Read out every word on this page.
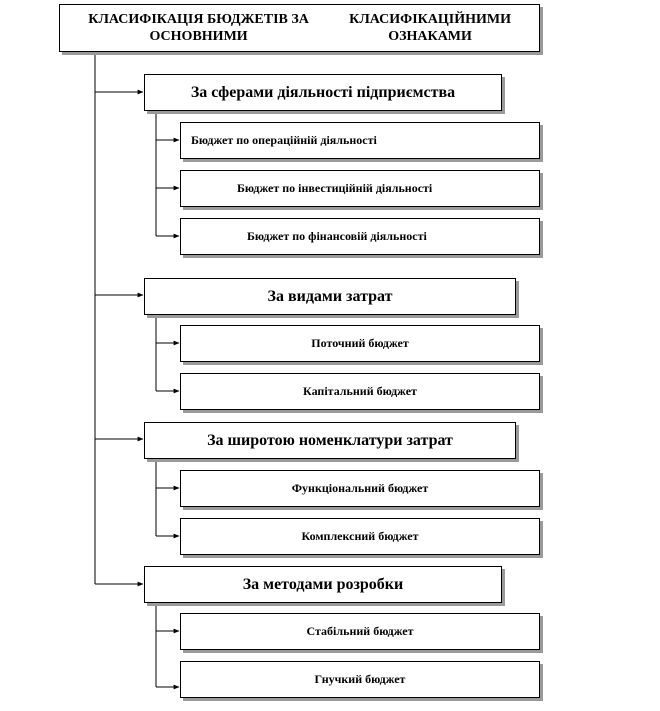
КЛАСИФІКАЦІЯ БЮДЖЕТІВ ЗА ОСНОВНИМИ
КЛАСИФІКАЦІЙНИМИ ОЗНАКАМИ
За сферами діяльності підприємства
Бюджет по операційній діяльності
Бюджет по інвестиційній діяльності
Бюджет по фінансовій діяльності
За видами затрат
Поточний бюджет
Капітальний бюджет
За широтою номенклатури затрат
Функціональний бюджет
Комплексний бюджет
За методами розробки
Стабільний бюджет
Гнучкий бюджет
